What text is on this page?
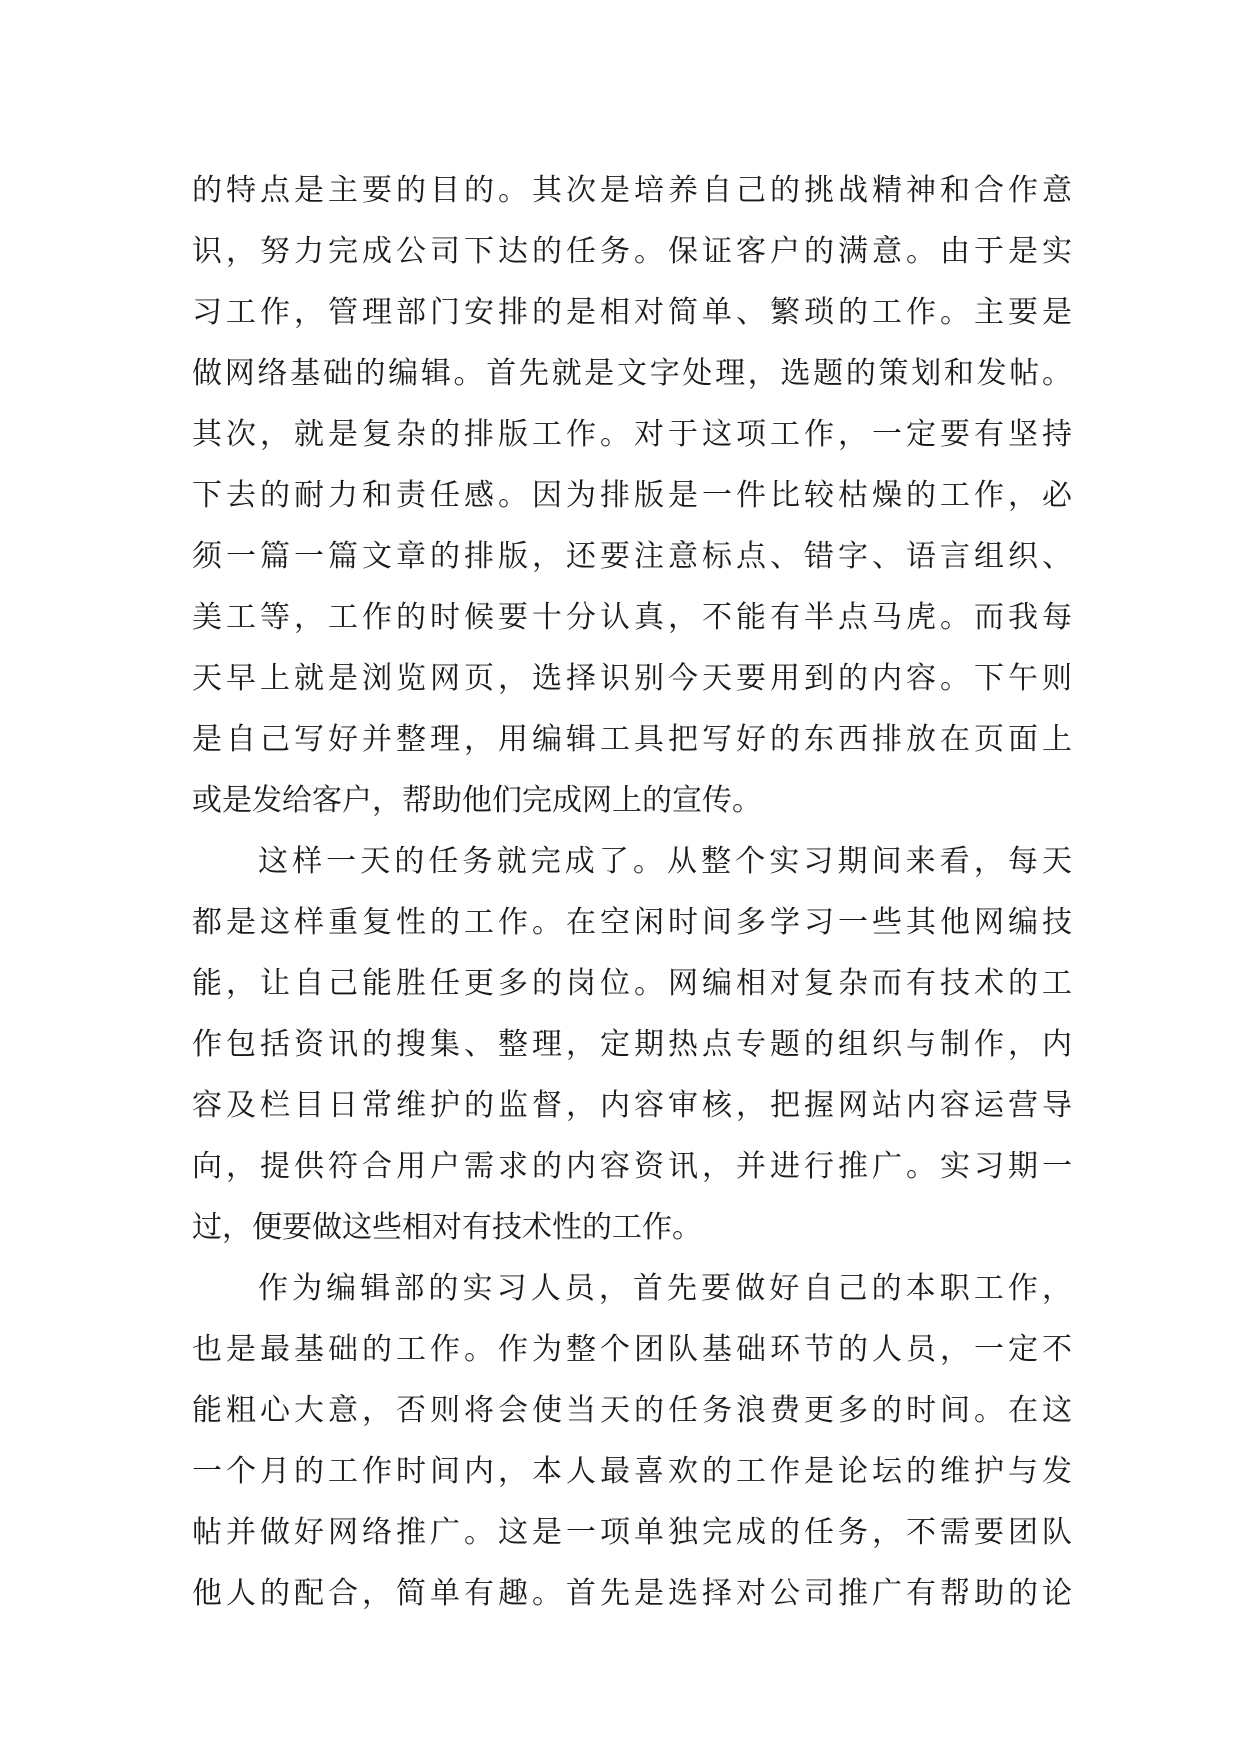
的特点是主要的目的。其次是培养自己的挑战精神和合作意
识，努力完成公司下达的任务。保证客户的满意。由于是实
习工作，管理部门安排的是相对简单、繁琐的工作。主要是
做网络基础的编辑。首先就是文字处理，选题的策划和发帖。
其次，就是复杂的排版工作。对于这项工作，一定要有坚持
下去的耐力和责任感。因为排版是一件比较枯燥的工作，必
须一篇一篇文章的排版，还要注意标点、错字、语言组织、
美工等，工作的时候要十分认真，不能有半点马虎。而我每
天早上就是浏览网页，选择识别今天要用到的内容。下午则
是自己写好并整理，用编辑工具把写好的东西排放在页面上
或是发给客户，帮助他们完成网上的宣传。
这样一天的任务就完成了。从整个实习期间来看，每天
都是这样重复性的工作。在空闲时间多学习一些其他网编技
能，让自己能胜任更多的岗位。网编相对复杂而有技术的工
作包括资讯的搜集、整理，定期热点专题的组织与制作，内
容及栏目日常维护的监督，内容审核，把握网站内容运营导
向，提供符合用户需求的内容资讯，并进行推广。实习期一
过，便要做这些相对有技术性的工作。
作为编辑部的实习人员，首先要做好自己的本职工作，
也是最基础的工作。作为整个团队基础环节的人员，一定不
能粗心大意，否则将会使当天的任务浪费更多的时间。在这
一个月的工作时间内，本人最喜欢的工作是论坛的维护与发
帖并做好网络推广。这是一项单独完成的任务，不需要团队
他人的配合，简单有趣。首先是选择对公司推广有帮助的论
